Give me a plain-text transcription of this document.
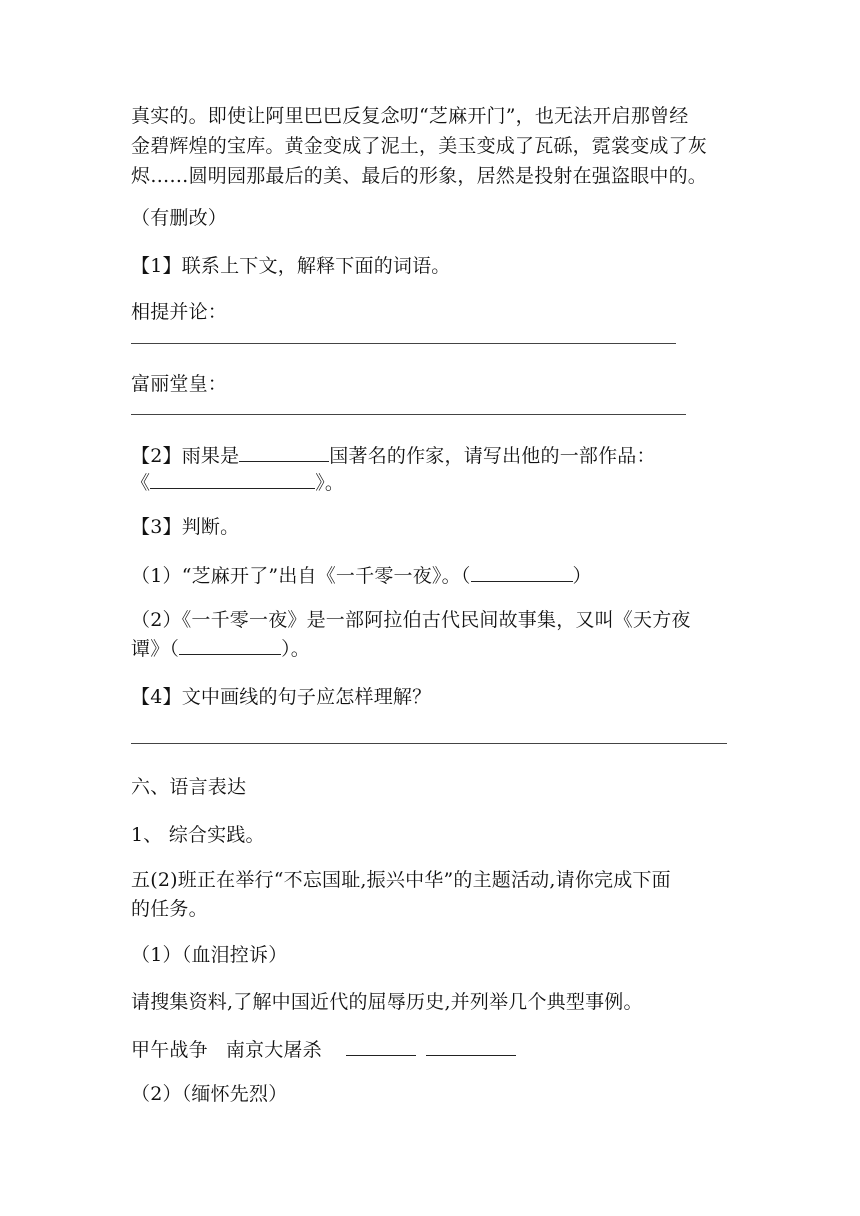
真实的。即使让阿里巴巴反复念叨“芝麻开门”，也无法开启那曾经
金碧辉煌的宝库。黄金变成了泥土，美玉变成了瓦砾，霓裳变成了灰
烬……圆明园那最后的美、最后的形象，居然是投射在强盗眼中的。
（有删改）
【1】联系上下文，解释下面的词语。
相提并论：
富丽堂皇：
【2】雨果是	国著名的作家，请写出他的一部作品：
《	》。
【3】判断。
（1）“芝麻开了”出自《一千零一夜》。（	）
（2）《一千零一夜》是一部阿拉伯古代民间故事集，又叫《天方夜
谭》（	）。
【4】文中画线的句子应怎样理解？
六、语言表达
1、 综合实践。
五(2)班正在举行“不忘国耻,振兴中华”的主题活动,请你完成下面
的任务。
（1）（血泪控诉）
请搜集资料,了解中国近代的屈辱历史,并列举几个典型事例。
甲午战争 南京大屠杀
（2）（缅怀先烈）
